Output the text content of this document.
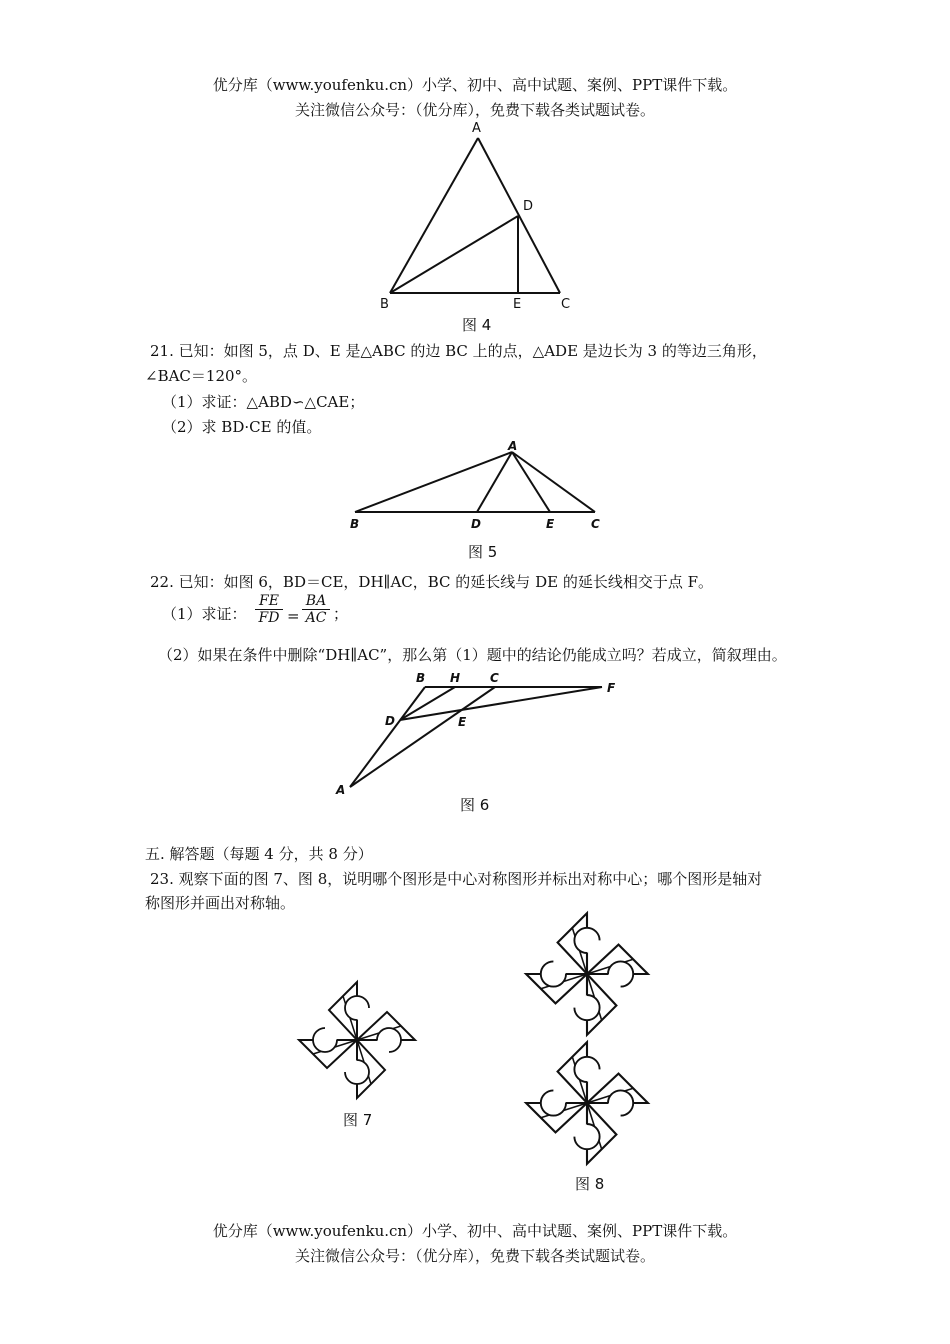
优分库（www.youfenku.cn）小学、初中、高中试题、案例、PPT课件下载。
关注微信公众号：（优分库），免费下载各类试题试卷。
A
B	C
D
E
图 4
21. 已知：如图 5，点 D、E 是△ABC 的边 BC 上的点，△ADE 是边长为 3 的等边三角形，
∠BAC＝120°。
（1）求证：△ABD∽△CAE；
（2）求 BD·CE 的值。
A
B	D	E	C
图 5
22. 已知：如图 6，BD＝CE，DH∥AC，BC 的延长线与 DE 的延长线相交于点 F。
（1）求证： $\frac{FE}{FD} = \frac{BA}{AC}$ ；
（2）如果在条件中删除“DH∥AC”，那么第（1）题中的结论仍能成立吗？若成立，简叙理由。
B H C
F
D	E
A
图 6
五. 解答题（每题 4 分，共 8 分）
23. 观察下面的图 7、图 8，说明哪个图形是中心对称图形并标出对称中心；哪个图形是轴对
称图形并画出对称轴。
图 7
图 8
优分库（www.youfenku.cn）小学、初中、高中试题、案例、PPT课件下载。
关注微信公众号：（优分库），免费下载各类试题试卷。
